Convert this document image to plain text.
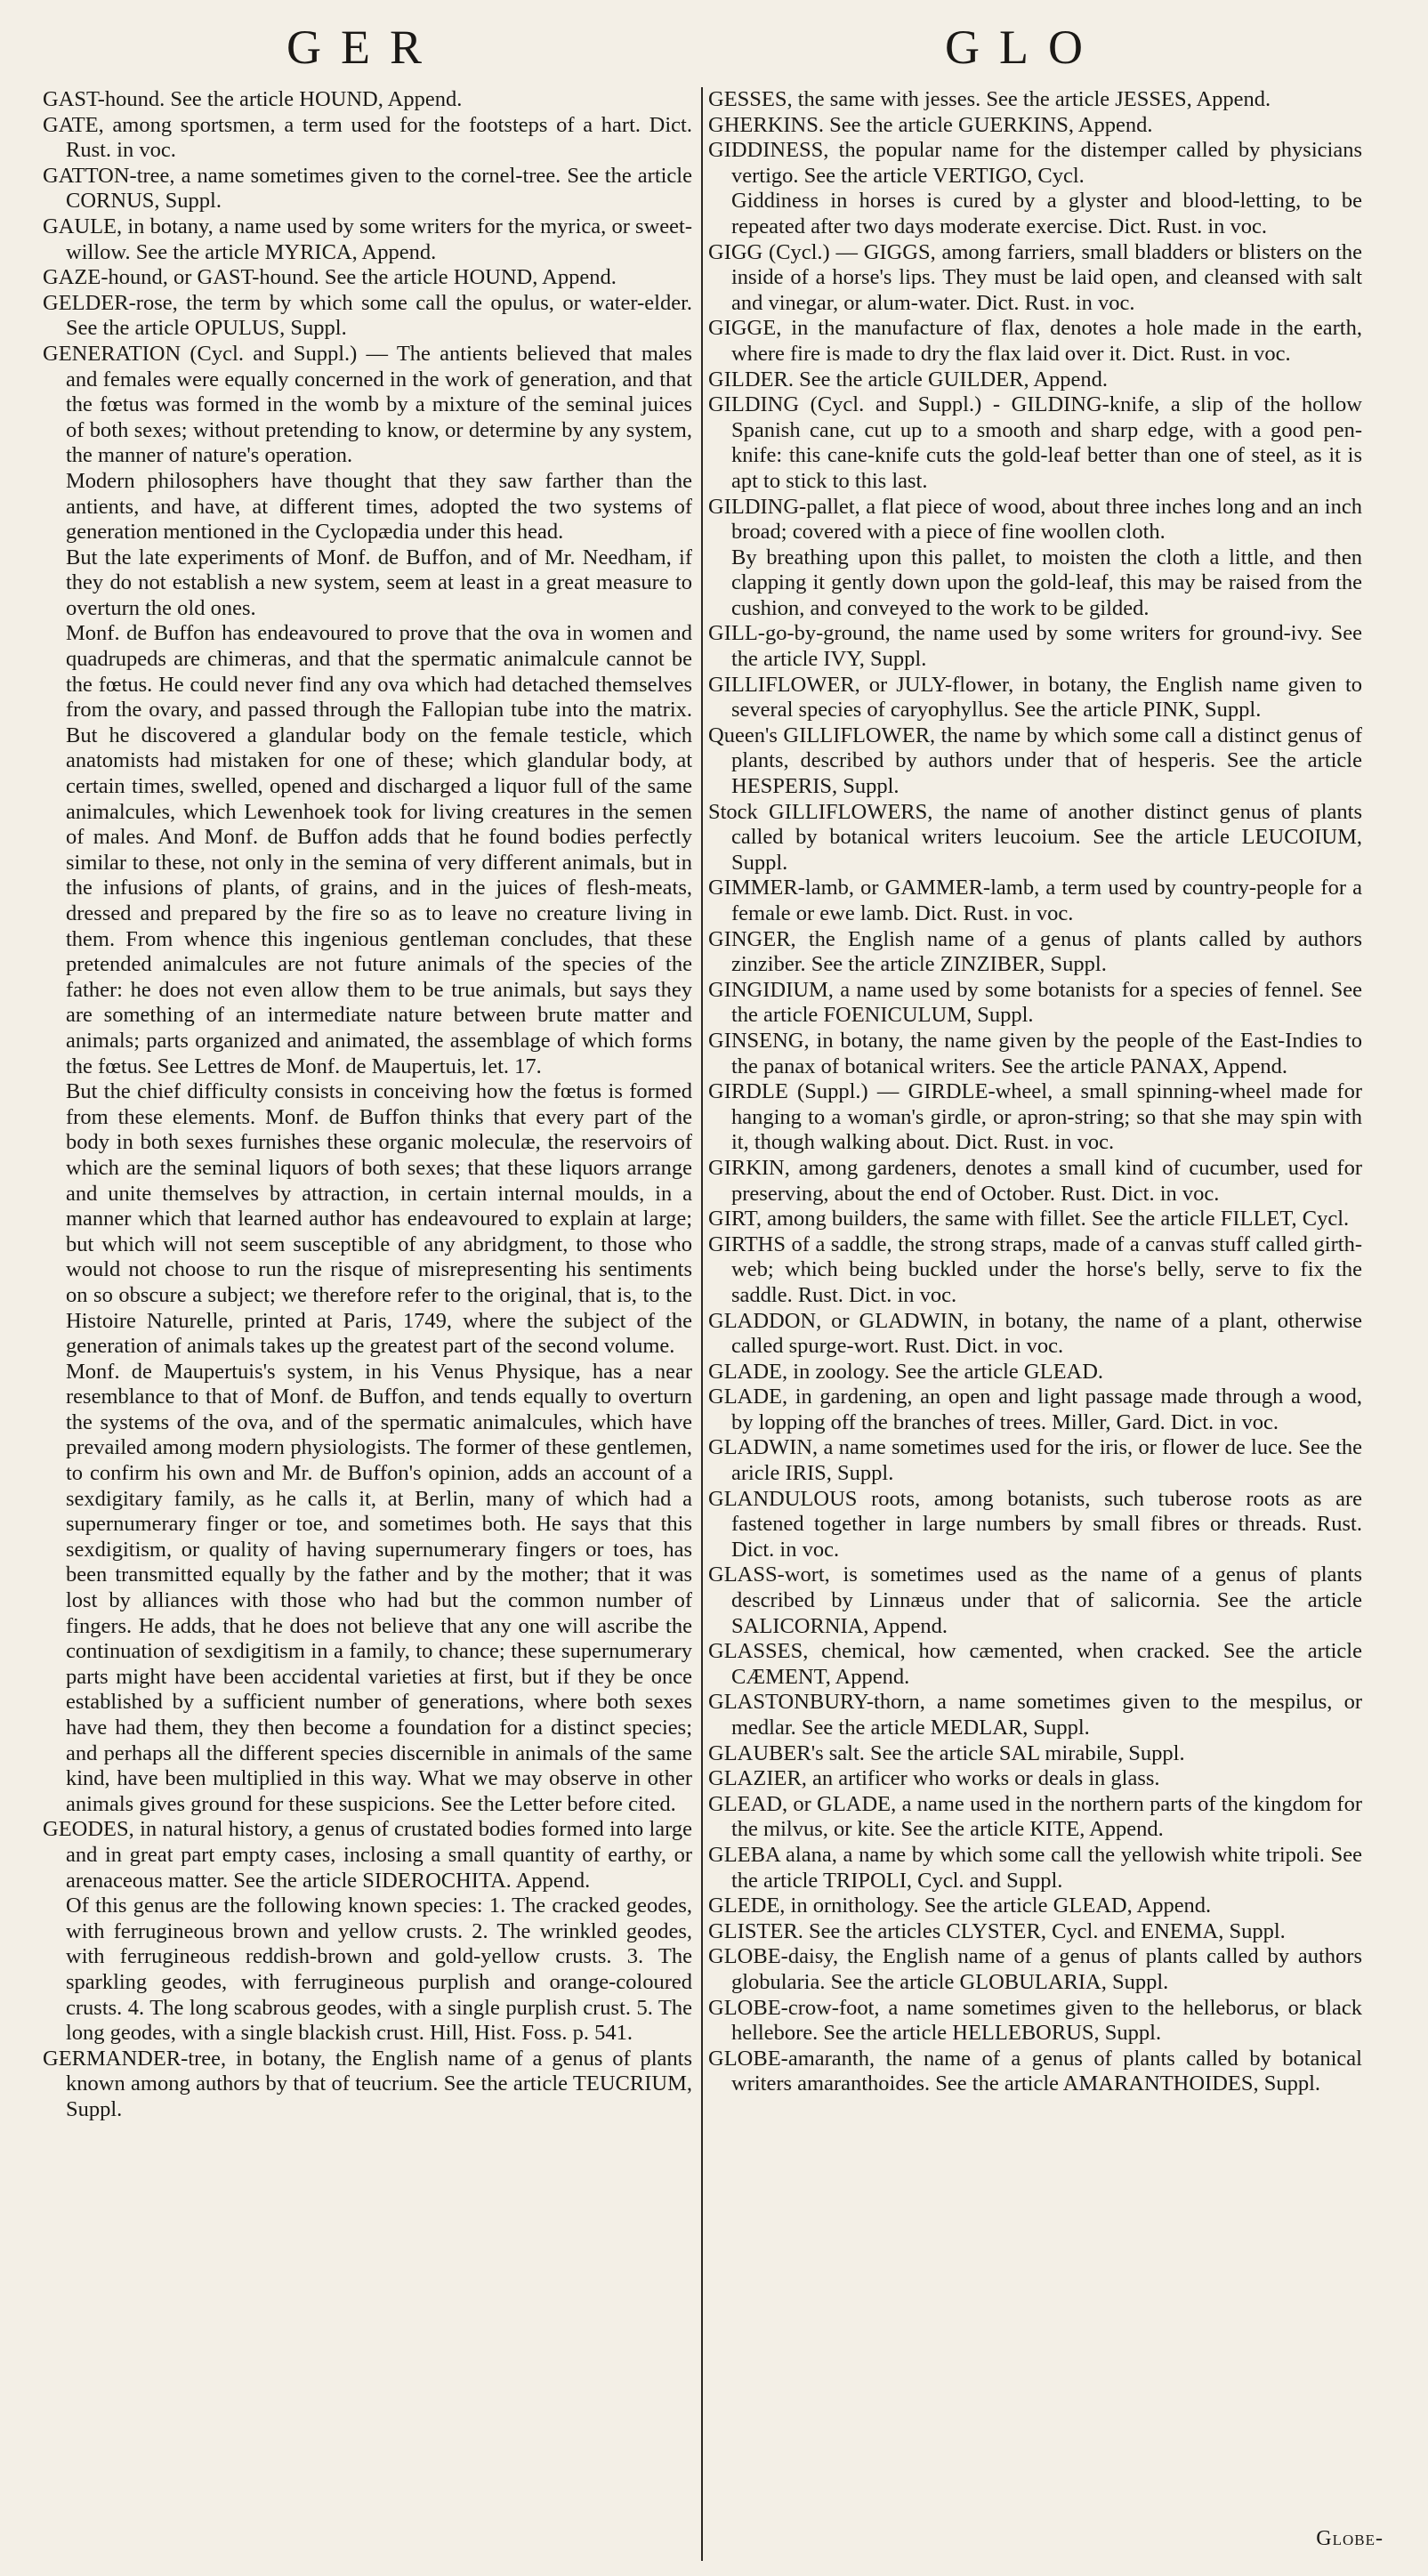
GER	GLO

GAST-hound. See the article HOUND, Append.

GATE, among sportsmen, a term used for the footsteps of a hart. Dict. Rust. in voc.

GATTON-tree, a name sometimes given to the cornel-tree. See the article CORNUS, Suppl.

GAULE, in botany, a name used by some writers for the myrica, or sweet-willow. See the article MYRICA, Append.

GAZE-hound, or GAST-hound. See the article HOUND, Append.

GELDER-rose, the term by which some call the opulus, or water-elder. See the article OPULUS, Suppl.

GENERATION (Cycl. and Suppl.) — The antients believed that males and females were equally concerned in the work of generation, and that the fœtus was formed in the womb by a mixture of the seminal juices of both sexes; without pretending to know, or determine by any system, the manner of nature's operation.

Modern philosophers have thought that they saw farther than the antients, and have, at different times, adopted the two systems of generation mentioned in the Cyclopædia under this head.

But the late experiments of Monf. de Buffon, and of Mr. Needham, if they do not establish a new system, seem at least in a great measure to overturn the old ones.

Monf. de Buffon has endeavoured to prove that the ova in women and quadrupeds are chimeras, and that the spermatic animalcule cannot be the fœtus. He could never find any ova which had detached themselves from the ovary, and passed through the Fallopian tube into the matrix. But he discovered a glandular body on the female testicle, which anatomists had mistaken for one of these; which glandular body, at certain times, swelled, opened and discharged a liquor full of the same animalcules, which Lewenhoek took for living creatures in the semen of males. And Monf. de Buffon adds that he found bodies perfectly similar to these, not only in the semina of very different animals, but in the infusions of plants, of grains, and in the juices of flesh-meats, dressed and prepared by the fire so as to leave no creature living in them. From whence this ingenious gentleman concludes, that these pretended animalcules are not future animals of the species of the father: he does not even allow them to be true animals, but says they are something of an intermediate nature between brute matter and animals; parts organized and animated, the assemblage of which forms the fœtus. See Lettres de Monf. de Maupertuis, let. 17.

But the chief difficulty consists in conceiving how the fœtus is formed from these elements. Monf. de Buffon thinks that every part of the body in both sexes furnishes these organic moleculæ, the reservoirs of which are the seminal liquors of both sexes; that these liquors arrange and unite themselves by attraction, in certain internal moulds, in a manner which that learned author has endeavoured to explain at large; but which will not seem susceptible of any abridgment, to those who would not choose to run the risque of misrepresenting his sentiments on so obscure a subject; we therefore refer to the original, that is, to the Histoire Naturelle, printed at Paris, 1749, where the subject of the generation of animals takes up the greatest part of the second volume.

Monf. de Maupertuis's system, in his Venus Physique, has a near resemblance to that of Monf. de Buffon, and tends equally to overturn the systems of the ova, and of the spermatic animalcules, which have prevailed among modern physiologists. The former of these gentlemen, to confirm his own and Mr. de Buffon's opinion, adds an account of a sexdigitary family, as he calls it, at Berlin, many of which had a supernumerary finger or toe, and sometimes both. He says that this sexdigitism, or quality of having supernumerary fingers or toes, has been transmitted equally by the father and by the mother; that it was lost by alliances with those who had but the common number of fingers. He adds, that he does not believe that any one will ascribe the continuation of sexdigitism in a family, to chance; these supernumerary parts might have been accidental varieties at first, but if they be once established by a sufficient number of generations, where both sexes have had them, they then become a foundation for a distinct species; and perhaps all the different species discernible in animals of the same kind, have been multiplied in this way. What we may observe in other animals gives ground for these suspicions. See the Letter before cited.

GEODES, in natural history, a genus of crustated bodies formed into large and in great part empty cases, inclosing a small quantity of earthy, or arenaceous matter. See the article SIDEROCHITA. Append.

Of this genus are the following known species: 1. The cracked geodes, with ferrugineous brown and yellow crusts. 2. The wrinkled geodes, with ferrugineous reddish-brown and gold-yellow crusts. 3. The sparkling geodes, with ferruginеous purplish and orange-coloured crusts. 4. The long scabrous geodes, with a single purplish crust. 5. The long geodes, with a single blackish crust. Hill, Hist. Foss. p. 541.

GERMANDER-tree, in botany, the English name of a genus of plants known among authors by that of teucrium. See the article TEUCRIUM, Suppl.

GESSES, the same with jesses. See the article JESSES, Append.

GHERKINS. See the article GUERKINS, Append.

GIDDINESS, the popular name for the distemper called by physicians vertigo. See the article VERTIGO, Cycl.

Giddiness in horses is cured by a glyster and blood-letting, to be repeated after two days moderate exercise. Dict. Rust. in voc.

GIGG (Cycl.) — GIGGS, among farriers, small bladders or blisters on the inside of a horse's lips. They must be laid open, and cleansed with salt and vinegar, or alum-water. Dict. Rust. in voc.

GIGGE, in the manufacture of flax, denotes a hole made in the earth, where fire is made to dry the flax laid over it. Dict. Rust. in voc.

GILDER. See the article GUILDER, Append.

GILDING (Cycl. and Suppl.) - GILDING-knife, a slip of the hollow Spanish cane, cut up to a smooth and sharp edge, with a good pen-knife: this cane-knife cuts the gold-leaf better than one of steel, as it is apt to stick to this last.

GILDING-pallet, a flat piece of wood, about three inches long and an inch broad; covered with a piece of fine woollen cloth.

By breathing upon this pallet, to moisten the cloth a little, and then clapping it gently down upon the gold-leaf, this may be raised from the cushion, and conveyed to the work to be gilded.

GILL-go-by-ground, the name used by some writers for ground-ivy. See the article IVY, Suppl.

GILLIFLOWER, or JULY-flower, in botany, the English name given to several species of caryophyllus. See the article PINK, Suppl.

Queen's GILLIFLOWER, the name by which some call a distinct genus of plants, described by authors under that of hesperis. See the article HESPERIS, Suppl.

Stock GILLIFLOWERS, the name of another distinct genus of plants called by botanical writers leucoium. See the article LEUCOIUM, Suppl.

GIMMER-lamb, or GAMMER-lamb, a term used by country-people for a female or ewe lamb. Dict. Rust. in voc.

GINGER, the English name of a genus of plants called by authors zinziber. See the article ZINZIBER, Suppl.

GINGIDIUM, a name used by some botanists for a species of fennel. See the article FOENICULUM, Suppl.

GINSENG, in botany, the name given by the people of the East-Indies to the panax of botanical writers. See the article PANAX, Append.

GIRDLE (Suppl.) — GIRDLE-wheel, a small spinning-wheel made for hanging to a woman's girdle, or apron-string; so that she may spin with it, though walking about. Dict. Rust. in voc.

GIRKIN, among gardeners, denotes a small kind of cucumber, used for preserving, about the end of October. Rust. Dict. in voc.

GIRT, among builders, the same with fillet. See the article FILLET, Cycl.

GIRTHS of a saddle, the strong straps, made of a canvas stuff called girth-web; which being buckled under the horse's belly, serve to fix the saddle. Rust. Dict. in voc.

GLADDON, or GLADWIN, in botany, the name of a plant, otherwise called spurge-wort. Rust. Dict. in voc.

GLADE, in zoology. See the article GLEAD.

GLADE, in gardening, an open and light passage made through a wood, by lopping off the branches of trees. Miller, Gard. Dict. in voc.

GLADWIN, a name sometimes used for the iris, or flower de luce. See the aricle IRIS, Suppl.

GLANDULOUS roots, among botanists, such tuberose roots as are fastened together in large numbers by small fibres or threads. Rust. Dict. in voc.

GLASS-wort, is sometimes used as the name of a genus of plants described by Linnæus under that of salicornia. See the article SALICORNIA, Append.

GLASSES, chemical, how cæmented, when cracked. See the article CÆMENT, Append.

GLASTONBURY-thorn, a name sometimes given to the mespilus, or medlar. See the article MEDLAR, Suppl.

GLAUBER's salt. See the article SAL mirabile, Suppl.

GLAZIER, an artificer who works or deals in glass.

GLEAD, or GLADE, a name used in the northern parts of the kingdom for the milvus, or kite. See the article KITE, Append.

GLEBA alana, a name by which some call the yellowish white tripoli. See the article TRIPOLI, Cycl. and Suppl.

GLEDE, in ornithology. See the article GLEAD, Append.

GLISTER. See the articles CLYSTER, Cycl. and ENEMA, Suppl.

GLOBE-daisy, the English name of a genus of plants called by authors globularia. See the article GLOBULARIA, Suppl.

GLOBE-crow-foot, a name sometimes given to the helleborus, or black hellebore. See the article HELLEBORUS, Suppl.

GLOBE-amaranth, the name of a genus of plants called by botanical writers amaranthoides. See the article AMARANTHOIDES, Suppl.

Globe-
